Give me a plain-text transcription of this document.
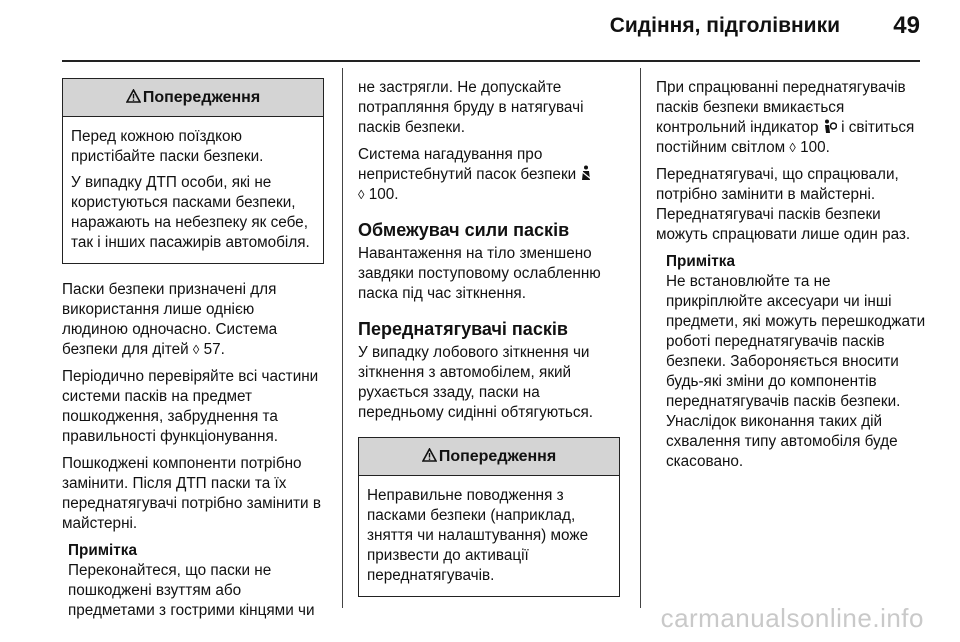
Сидіння, підголівники 49
Попередження

Перед кожною поїздкою пристібайте паски безпеки.

У випадку ДТП особи, які не користуються пасками безпеки, наражають на небезпеку як себе, так і інших пасажирів автомобіля.

Паски безпеки призначені для використання лише однією людиною одночасно. Система безпеки для дітей ◊ 57.

Періодично перевіряйте всі частини системи пасків на предмет пошкодження, забруднення та правильності функціонування.

Пошкоджені компоненти потрібно замінити. Після ДТП паски та їх переднатягувачі потрібно замінити в майстерні.

Примітка
Переконайтеся, що паски не пошкоджені взуттям або предметами з гострими кінцями чи

не застрягли. Не допускайте потрапляння бруду в натягувачі пасків безпеки.

Система нагадування про непристебнутий пасок безпеки
◊ 100.

Обмежувач сили пасків

Навантаження на тіло зменшено завдяки поступовому ослабленню паска під час зіткнення.

Переднатягувачі пасків

У випадку лобового зіткнення чи зіткнення з автомобілем, який рухається ззаду, паски на передньому сидінні обтягуються.

Попередження

Неправильне поводження з пасками безпеки (наприклад, зняття чи налаштування) може призвести до активації переднатягувачів.

При спрацюванні переднатягувачів пасків безпеки вмикається контрольний індикатор і світиться постійним світлом ◊ 100.

Переднатягувачі, що спрацювали, потрібно замінити в майстерні. Переднатягувачі пасків безпеки можуть спрацювати лише один раз.

Примітка
Не встановлюйте та не прикріплюйте аксесуари чи інші предмети, які можуть перешкоджати роботі переднатягувачів пасків безпеки. Забороняється вносити будь-які зміни до компонентів переднатягувачів пасків безпеки. Унаслідок виконання таких дій схвалення типу автомобіля буде скасовано.
carmanualsonline.info
